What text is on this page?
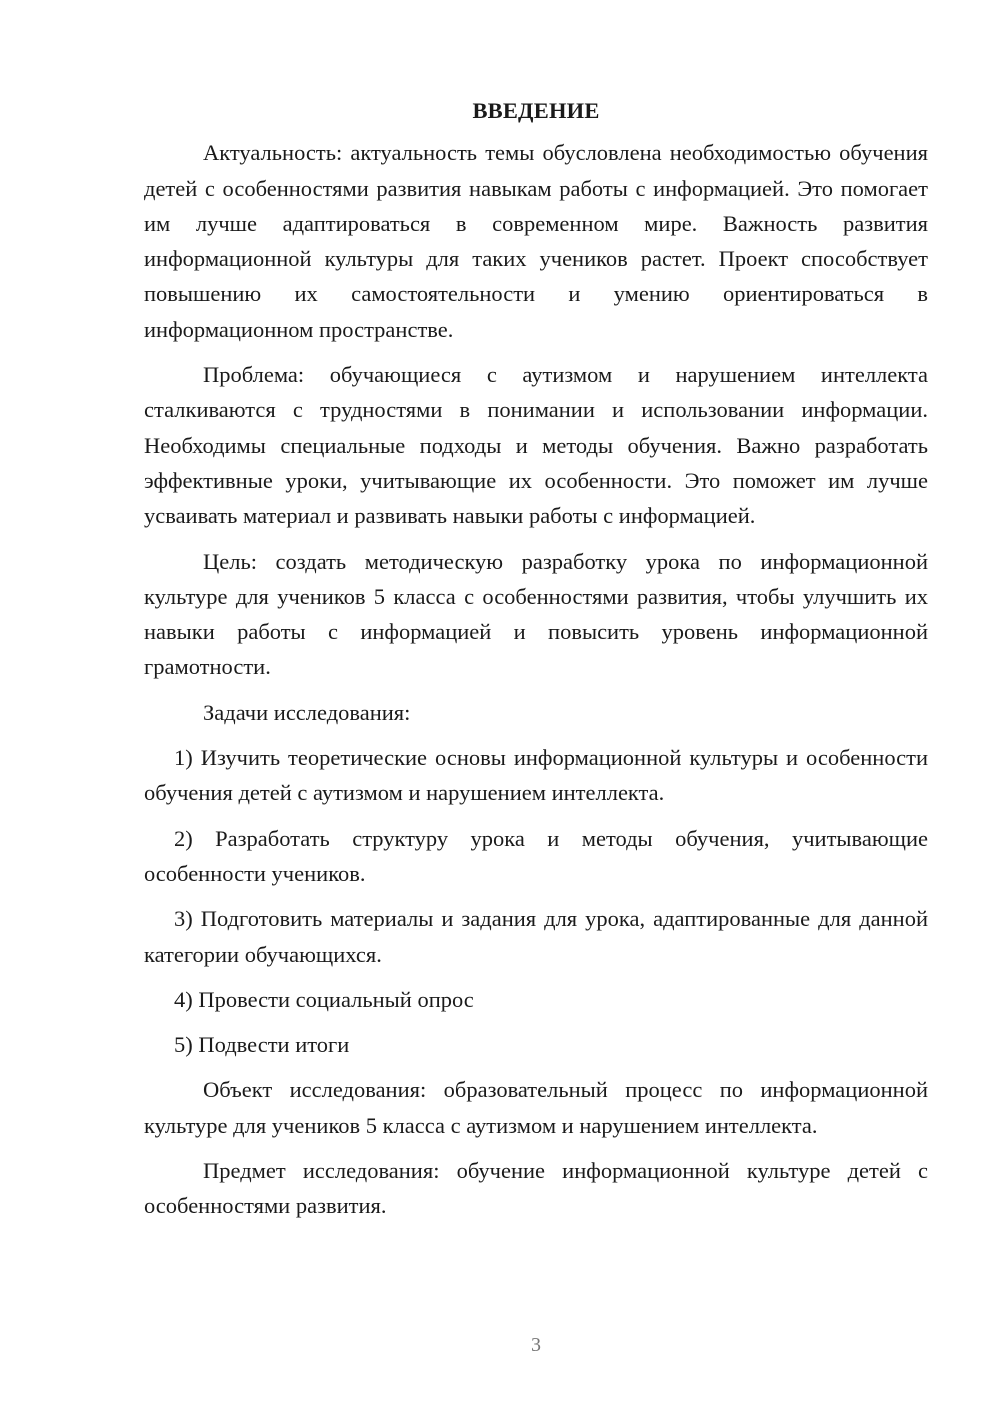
ВВЕДЕНИЕ

Актуальность: актуальность темы обусловлена необходимостью обучения детей с особенностями развития навыкам работы с информацией. Это помогает им лучше адаптироваться в современном мире. Важность развития информационной культуры для таких учеников растет. Проект способствует повышению их самостоятельности и умению ориентироваться в информационном пространстве.

Проблема: обучающиеся с аутизмом и нарушением интеллекта сталкиваются с трудностями в понимании и использовании информации. Необходимы специальные подходы и методы обучения. Важно разработать эффективные уроки, учитывающие их особенности. Это поможет им лучше усваивать материал и развивать навыки работы с информацией.

Цель: создать методическую разработку урока по информационной культуре для учеников 5 класса с особенностями развития, чтобы улучшить их навыки работы с информацией и повысить уровень информационной грамотности.

Задачи исследования:

1) Изучить теоретические основы информационной культуры и особенности обучения детей с аутизмом и нарушением интеллекта.

2) Разработать структуру урока и методы обучения, учитывающие особенности учеников.

3) Подготовить материалы и задания для урока, адаптированные для данной категории обучающихся.

4) Провести социальный опрос

5) Подвести итоги

Объект исследования: образовательный процесс по информационной культуре для учеников 5 класса с аутизмом и нарушением интеллекта.

Предмет исследования: обучение информационной культуре детей с особенностями развития.

3
